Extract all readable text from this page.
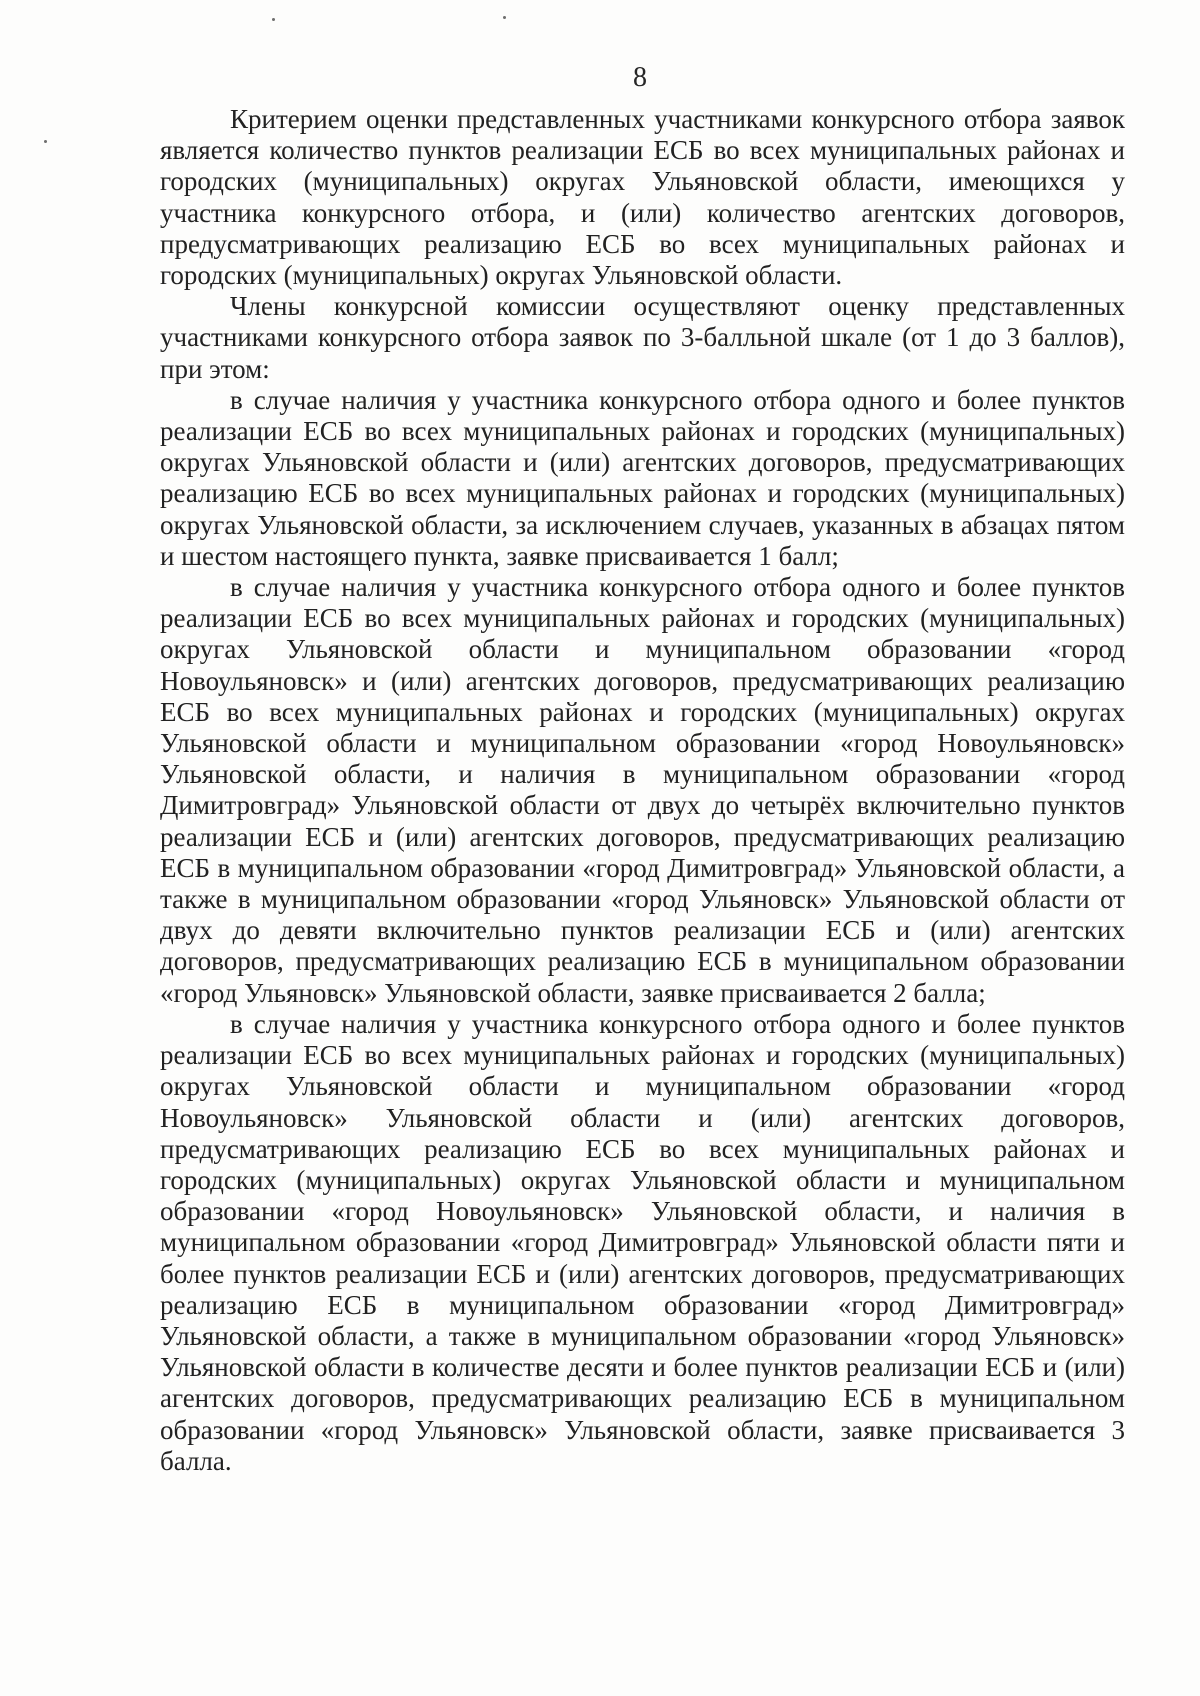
8

Критерием оценки представленных участниками конкурсного отбора заявок является количество пунктов реализации ЕСБ во всех муниципальных районах и городских (муниципальных) округах Ульяновской области, имеющихся у участника конкурсного отбора, и (или) количество агентских договоров, предусматривающих реализацию ЕСБ во всех муниципальных районах и городских (муниципальных) округах Ульяновской области.

Члены конкурсной комиссии осуществляют оценку представленных участниками конкурсного отбора заявок по 3-балльной шкале (от 1 до 3 баллов), при этом:

в случае наличия у участника конкурсного отбора одного и более пунктов реализации ЕСБ во всех муниципальных районах и городских (муниципальных) округах Ульяновской области и (или) агентских договоров, предусматривающих реализацию ЕСБ во всех муниципальных районах и городских (муниципальных) округах Ульяновской области, за исключением случаев, указанных в абзацах пятом и шестом настоящего пункта, заявке присваивается 1 балл;

в случае наличия у участника конкурсного отбора одного и более пунктов реализации ЕСБ во всех муниципальных районах и городских (муниципальных) округах Ульяновской области и муниципальном образовании «город Новоульяновск» и (или) агентских договоров, предусматривающих реализацию ЕСБ во всех муниципальных районах и городских (муниципальных) округах Ульяновской области и муниципальном образовании «город Новоульяновск» Ульяновской области, и наличия в муниципальном образовании «город Димитровград» Ульяновской области от двух до четырёх включительно пунктов реализации ЕСБ и (или) агентских договоров, предусматривающих реализацию ЕСБ в муниципальном образовании «город Димитровград» Ульяновской области, а также в муниципальном образовании «город Ульяновск» Ульяновской области от двух до девяти включительно пунктов реализации ЕСБ и (или) агентских договоров, предусматривающих реализацию ЕСБ в муниципальном образовании «город Ульяновск» Ульяновской области, заявке присваивается 2 балла;

в случае наличия у участника конкурсного отбора одного и более пунктов реализации ЕСБ во всех муниципальных районах и городских (муниципальных) округах Ульяновской области и муниципальном образовании «город Новоульяновск» Ульяновской области и (или) агентских договоров, предусматривающих реализацию ЕСБ во всех муниципальных районах и городских (муниципальных) округах Ульяновской области и муниципальном образовании «город Новоульяновск» Ульяновской области, и наличия в муниципальном образовании «город Димитровград» Ульяновской области пяти и более пунктов реализации ЕСБ и (или) агентских договоров, предусматривающих реализацию ЕСБ в муниципальном образовании «город Димитровград» Ульяновской области, а также в муниципальном образовании «город Ульяновск» Ульяновской области в количестве десяти и более пунктов реализации ЕСБ и (или) агентских договоров, предусматривающих реализацию ЕСБ в муниципальном образовании «город Ульяновск» Ульяновской области, заявке присваивается 3 балла.
